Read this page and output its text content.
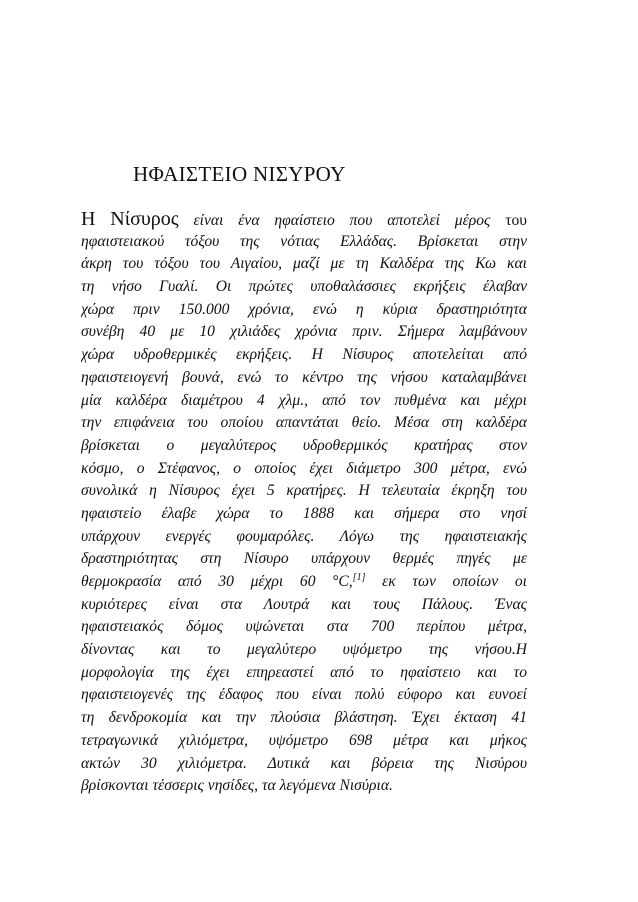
ΗΦΑΙΣΤΕΙΟ ΝΙΣΥΡΟΥ
Η Νίσυρος είναι ένα ηφαίστειο που αποτελεί μέρος του
ηφαιστειακού τόξου της νότιας Ελλάδας. Βρίσκεται στην
άκρη του τόξου του Αιγαίου, μαζί με τη Καλδέρα της Κω και
τη νήσο Γυαλί. Οι πρώτες υποθαλάσσιες εκρήξεις έλαβαν
χώρα πριν 150.000 χρόνια, ενώ η κύρια δραστηριότητα
συνέβη 40 με 10 χιλιάδες χρόνια πριν. Σήμερα λαμβάνουν
χώρα υδροθερμικές εκρήξεις. Η Νίσυρος αποτελείται από
ηφαιστειογενή βουνά, ενώ το κέντρο της νήσου καταλαμβάνει
μία καλδέρα διαμέτρου 4 χλμ., από τον πυθμένα και μέχρι
την επιφάνεια του οποίου απαντάται θείο. Μέσα στη καλδέρα
βρίσκεται ο μεγαλύτερος υδροθερμικός κρατήρας στον
κόσμο, ο Στέφανος, ο οποίος έχει διάμετρο 300 μέτρα, ενώ
συνολικά η Νίσυρος έχει 5 κρατήρες. Η τελευταία έκρηξη του
ηφαιστείο έλαβε χώρα το 1888 και σήμερα στο νησί
υπάρχουν ενεργές φουμαρόλες. Λόγω της ηφαιστειακής
δραστηριότητας στη Νίσυρο υπάρχουν θερμές πηγές με
θερμοκρασία από 30 μέχρι 60 °C,[1] εκ των οποίων οι
κυριότερες είναι στα Λουτρά και τους Πάλους. Ένας
ηφαιστειακός δόμος υψώνεται στα 700 περίπου μέτρα,
δίνοντας και το μεγαλύτερο υψόμετρο της νήσου.Η
μορφολογία της έχει επηρεαστεί από το ηφαίστειο και το
ηφαιστειογενές της έδαφος που είναι πολύ εύφορο και ευνοεί
τη δενδροκομία και την πλούσια βλάστηση. Έχει έκταση 41
τετραγωνικά χιλιόμετρα, υψόμετρο 698 μέτρα και μήκος
ακτών 30 χιλιόμετρα. Δυτικά και βόρεια της Νισύρου
βρίσκονται τέσσερις νησίδες, τα λεγόμενα Νισύρια.
